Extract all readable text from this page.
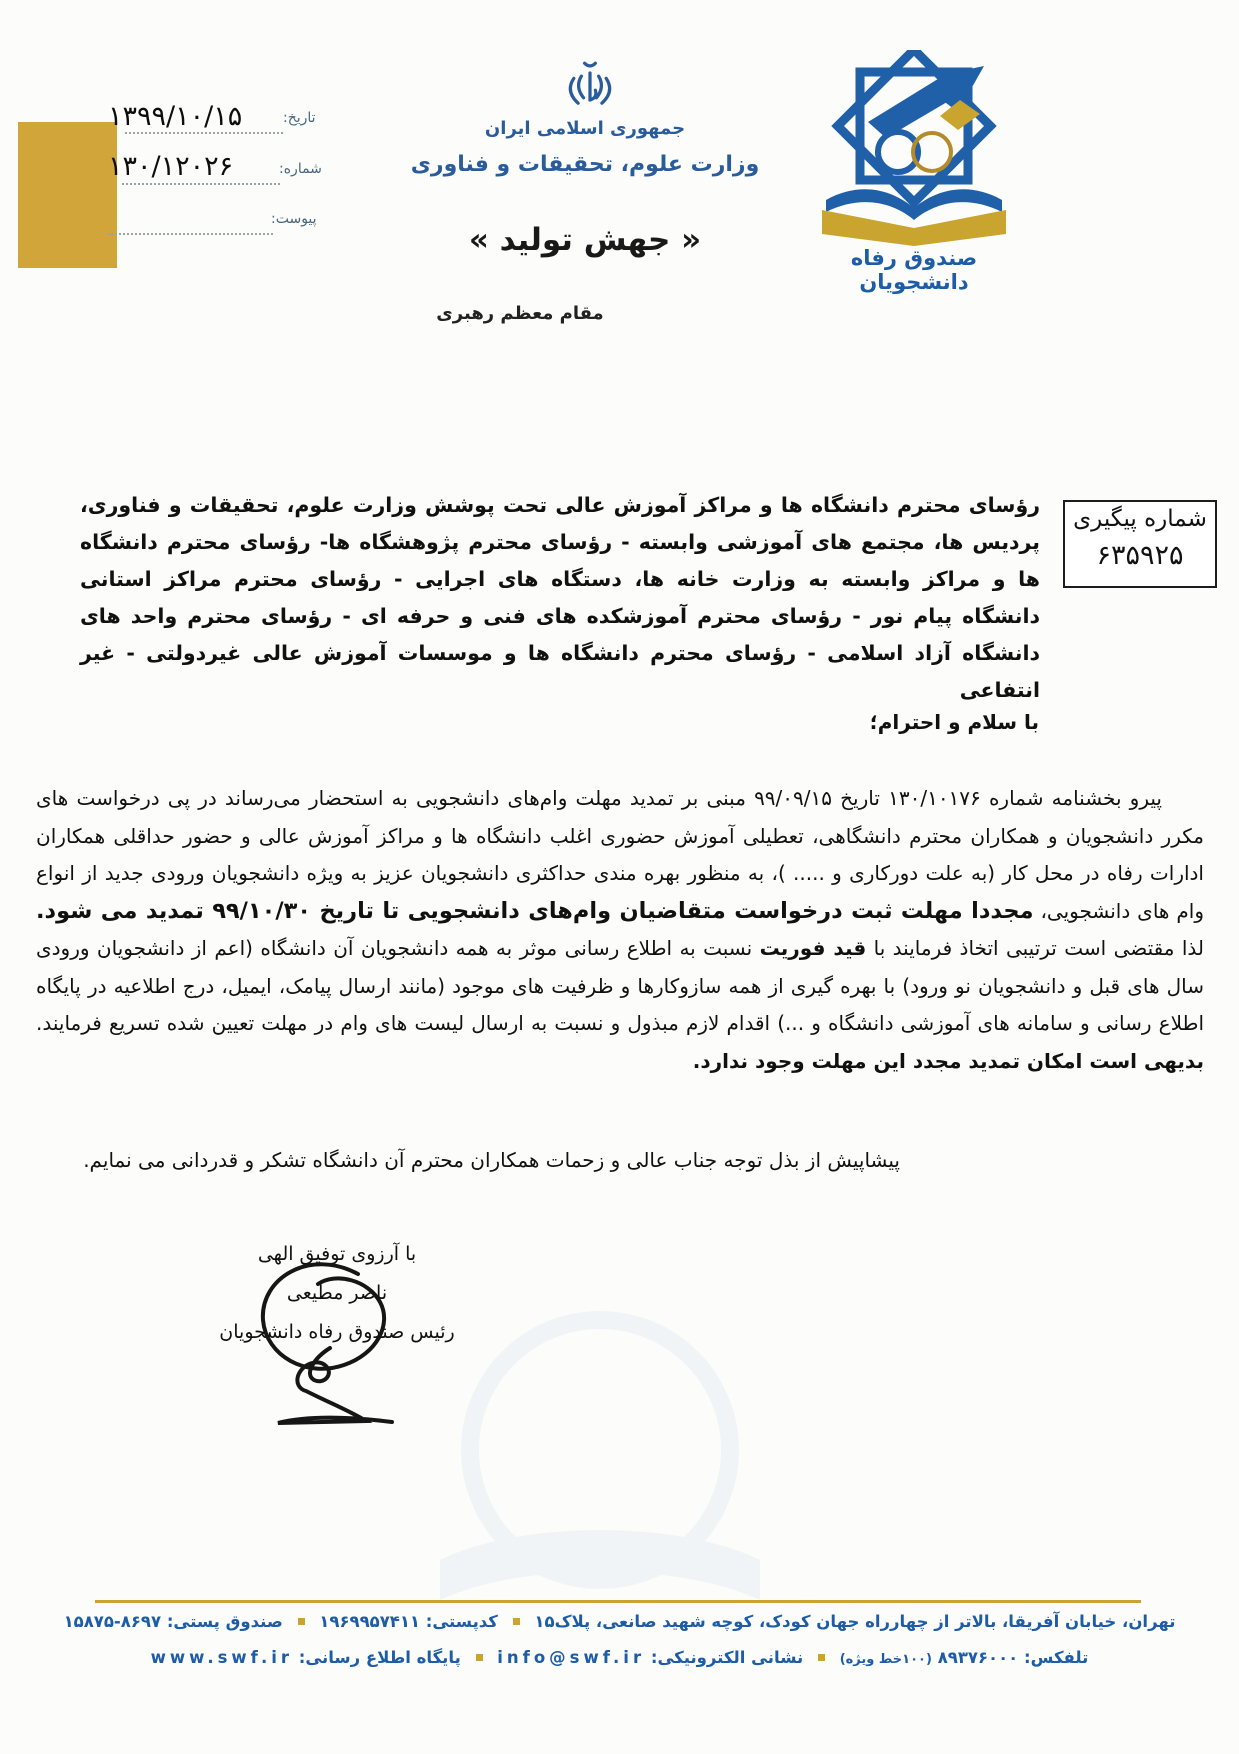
تاریخ:
۱۳۹۹/۱۰/۱۵
شماره:
۱۳۰/۱۲۰۲۶
پیوست:
جمهوری اسلامی ایران
وزارت علوم، تحقیقات و فناوری
« جهش تولید »
مقام معظم رهبری
صندوق رفاه دانشجویان
شماره پیگیری
۶۳۵۹۲۵
رؤسای محترم دانشگاه ها و مراکز آموزش عالی تحت پوشش وزارت علوم، تحقیقات و فناوری، پردیس ها، مجتمع های آموزشی وابسته - رؤسای محترم پژوهشگاه ها- رؤسای محترم دانشگاه ها و مراکز وابسته به وزارت خانه ها، دستگاه های اجرایی - رؤسای محترم مراکز استانی دانشگاه پیام نور - رؤسای محترم آموزشکده های فنی و حرفه ای - رؤسای محترم واحد های دانشگاه آزاد اسلامی - رؤسای محترم دانشگاه ها و موسسات آموزش عالی غیردولتی - غیر انتفاعی
با سلام و احترام؛
پیرو بخشنامه شماره ۱۳۰/۱۰۱۷۶ تاریخ ۹۹/۰۹/۱۵ مبنی بر تمدید مهلت وام‌های دانشجویی به استحضار می‌رساند در پی درخواست های مکرر دانشجویان و همکاران محترم دانشگاهی، تعطیلی آموزش حضوری اغلب دانشگاه ها و مراکز آموزش عالی و حضور حداقلی همکاران ادارات رفاه در محل کار (به علت دورکاری و ..... )، به منظور بهره مندی حداکثری دانشجویان عزیز به ویژه دانشجویان ورودی جدید از انواع وام های دانشجویی، مجددا مهلت ثبت درخواست متقاضیان وام‌های دانشجویی تا تاریخ ۹۹/۱۰/۳۰ تمدید می شود. لذا مقتضی است ترتیبی اتخاذ فرمایند با قید فوریت نسبت به اطلاع رسانی موثر به همه دانشجویان آن دانشگاه (اعم از دانشجویان ورودی سال های قبل و دانشجویان نو ورود) با بهره گیری از همه سازوکارها و ظرفیت های موجود (مانند ارسال پیامک، ایمیل، درج اطلاعیه در پایگاه اطلاع رسانی و سامانه های آموزشی دانشگاه و ...) اقدام لازم مبذول و نسبت به ارسال لیست های وام در مهلت تعیین شده تسریع فرمایند. بدیهی است امکان تمدید مجدد این مهلت وجود ندارد.
پیشاپیش از بذل توجه جناب عالی و زحمات همکاران محترم آن دانشگاه تشکر و قدردانی می نمایم.
با آرزوی توفیق الهی
ناصر مطیعی
رئیس صندوق رفاه دانشجویان
تهران، خیابان آفریقا، بالاتر از چهارراه جهان کودک، کوچه شهید صانعی، پلاک۱۵  کدپستی: ۱۹۶۹۹۵۷۴۱۱  صندوق پستی: ۱۵۸۷۵-۸۶۹۷
تلفکس: ۸۹۳۷۶۰۰۰ (۱۰۰خط ویژه)  نشانی الکترونیکی: info@swf.ir  پایگاه اطلاع رسانی: www.swf.ir
